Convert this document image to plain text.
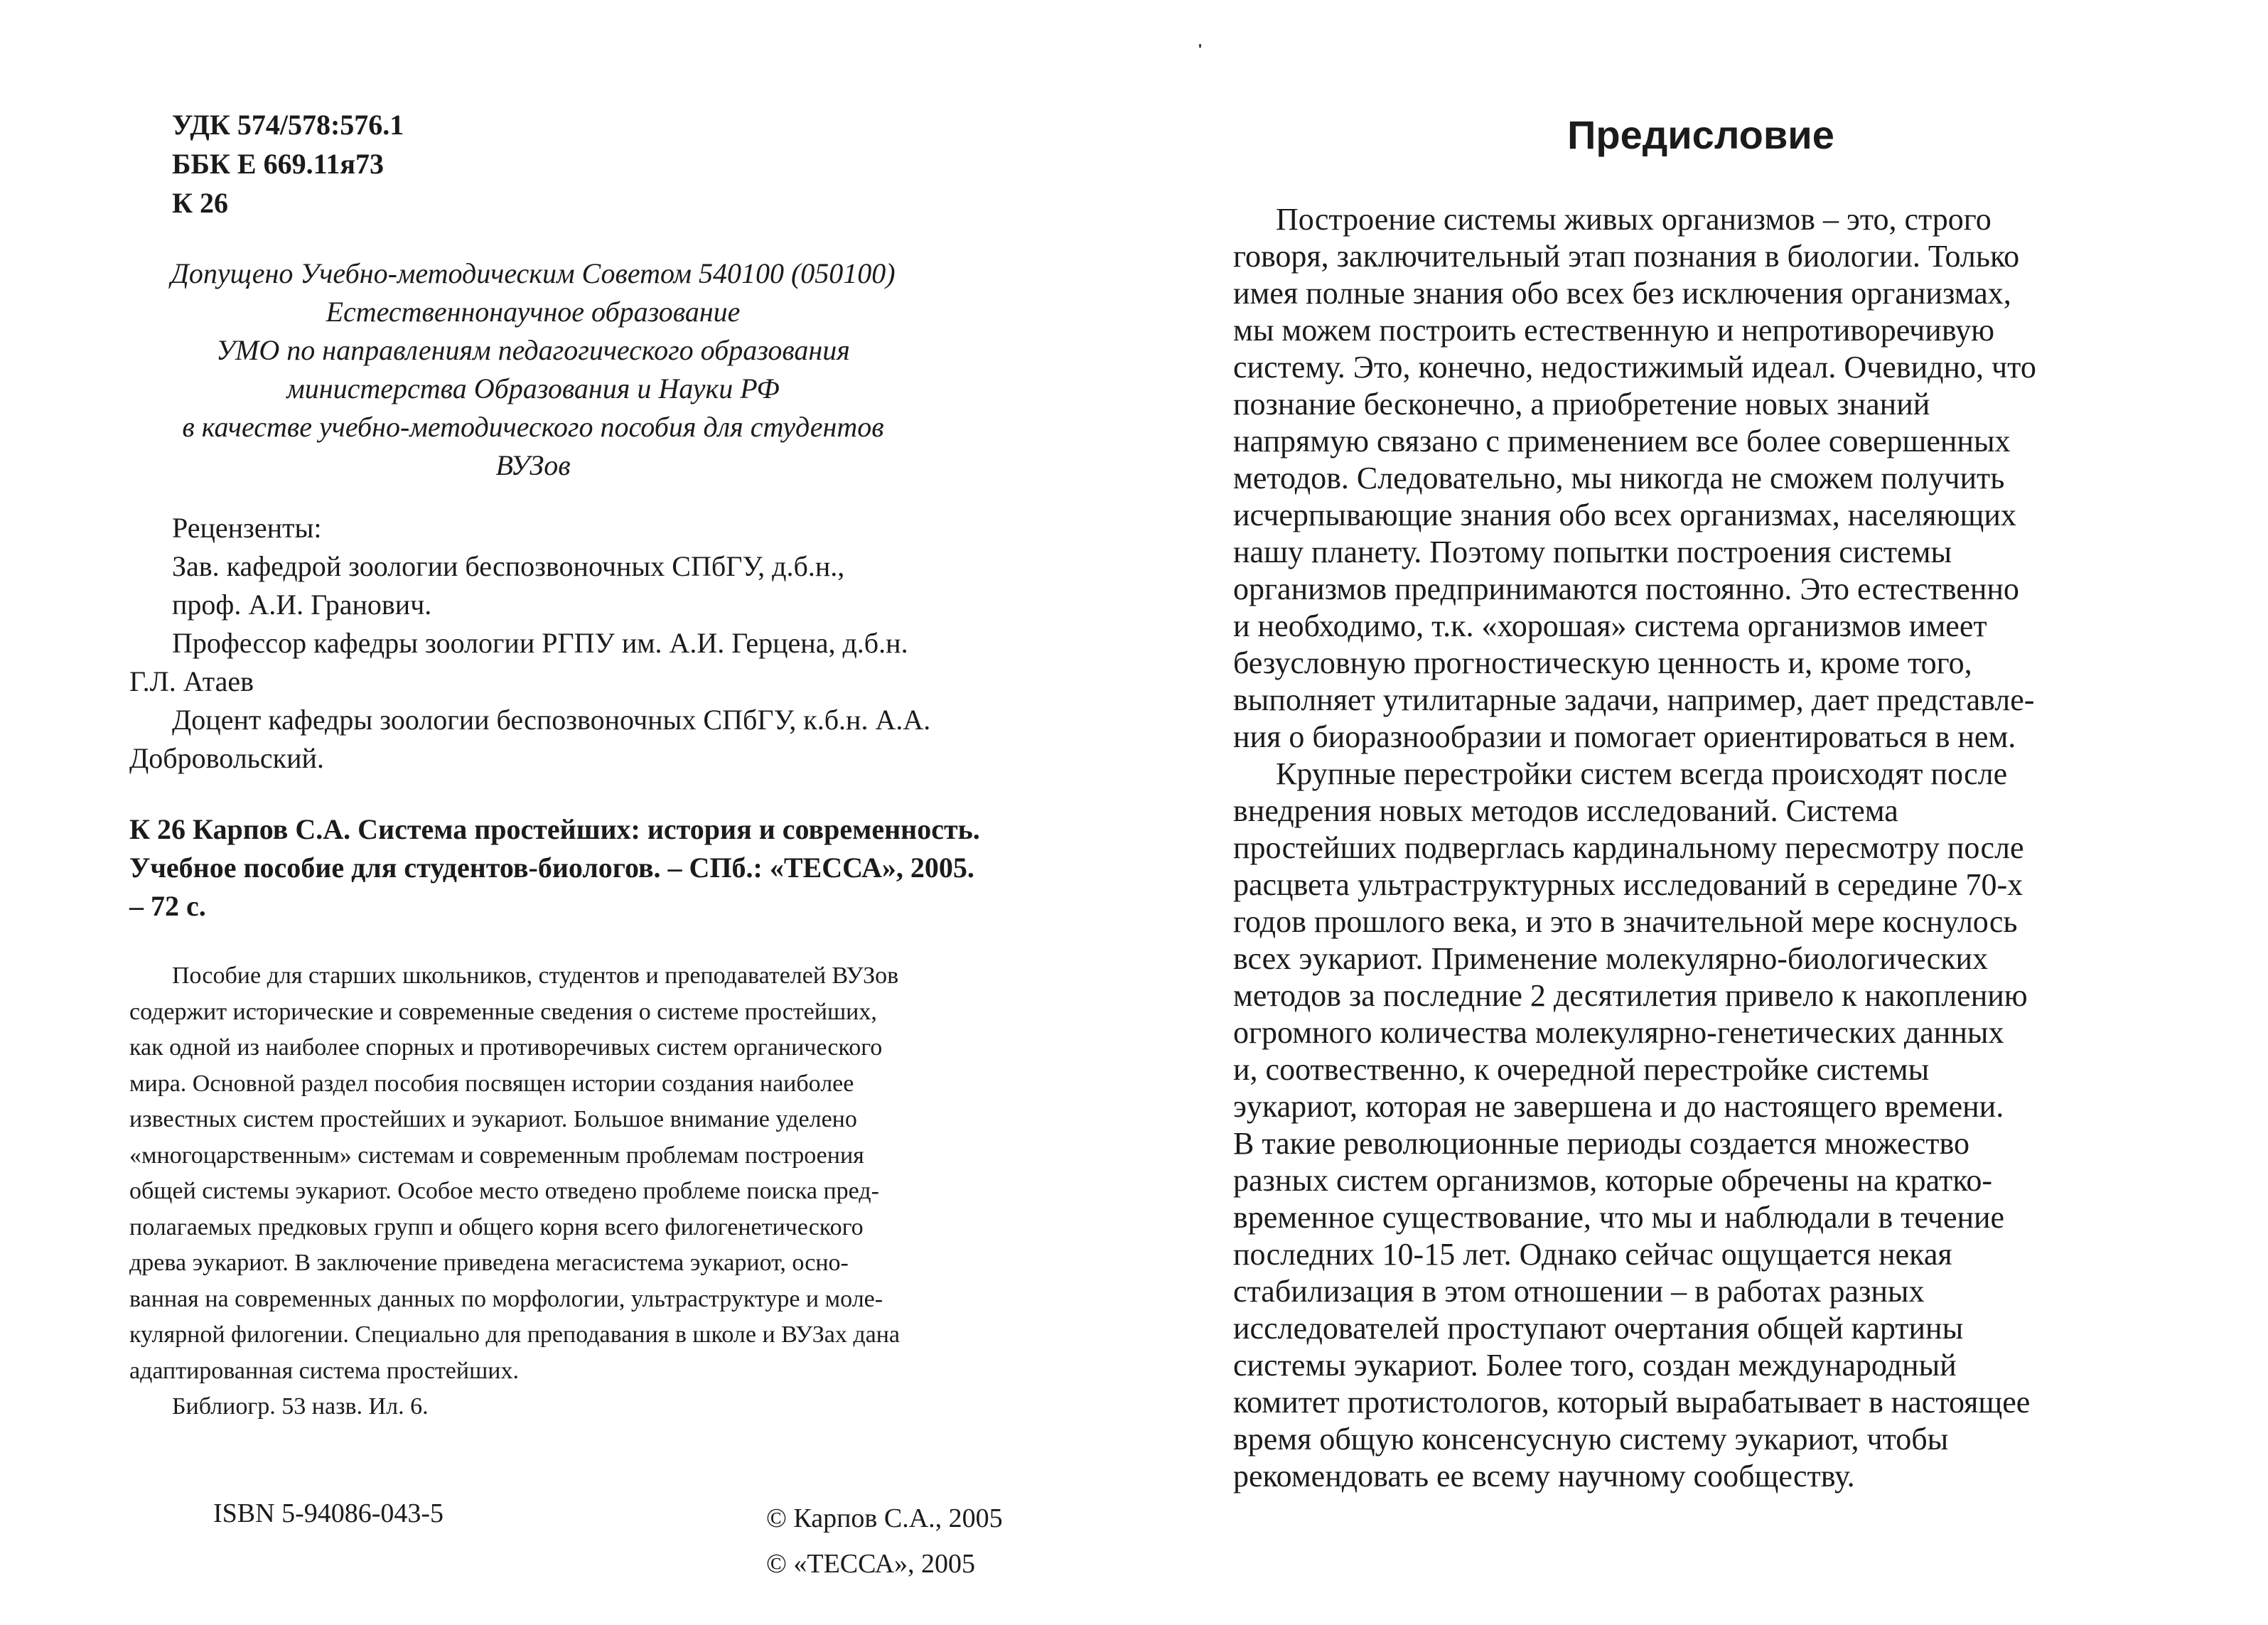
УДК 574/578:576.1
ББК Е 669.11я73
К 26
Допущено Учебно-методическим Советом 540100 (050100)
Естественнонаучное образование
УМО по направлениям педагогического образования
министерства Образования и Науки РФ
в качестве учебно-методического пособия для студентов
ВУЗов
Рецензенты:
Зав. кафедрой зоологии беспозвоночных СПбГУ, д.б.н.,
проф. А.И. Гранович.
Профессор кафедры зоологии РГПУ им. А.И. Герцена, д.б.н.
Г.Л. Атаев
Доцент кафедры зоологии беспозвоночных СПбГУ, к.б.н. А.А.
Добровольский.
К 26 Карпов С.А. Система простейших: история и современность.
Учебное пособие для студентов-биологов. – СПб.: «ТЕССА», 2005.
– 72 с.
Пособие для старших школьников, студентов и преподавателей ВУЗов
содержит исторические и современные сведения о системе простейших,
как одной из наиболее спорных и противоречивых систем органического
мира. Основной раздел пособия посвящен истории создания наиболее
известных систем простейших и эукариот. Большое внимание уделено
«многоцарственным» системам и современным проблемам построения
общей системы эукариот. Особое место отведено проблеме поиска пред-
полагаемых предковых групп и общего корня всего филогенетического
древа эукариот. В заключение приведена мегасистема эукариот, осно-
ванная на современных данных по морфологии, ультраструктуре и моле-
кулярной филогении. Специально для преподавания в школе и ВУЗах дана
адаптированная система простейших.
Библиогр. 53 назв. Ил. 6.
ISBN 5-94086-043-5	© Карпов С.А., 2005
© «ТЕССА», 2005
Предисловие
Построение системы живых организмов – это, строго
говоря, заключительный этап познания в биологии. Только
имея полные знания обо всех без исключения организмах,
мы можем построить естественную и непротиворечивую
систему. Это, конечно, недостижимый идеал. Очевидно, что
познание бесконечно, а приобретение новых знаний
напрямую связано с применением все более совершенных
методов. Следовательно, мы никогда не сможем получить
исчерпывающие знания обо всех организмах, населяющих
нашу планету. Поэтому попытки построения системы
организмов предпринимаются постоянно. Это естественно
и необходимо, т.к. «хорошая» система организмов имеет
безусловную прогностическую ценность и, кроме того,
выполняет утилитарные задачи, например, дает представле-
ния о биоразнообразии и помогает ориентироваться в нем.
Крупные перестройки систем всегда происходят после
внедрения новых методов исследований. Система
простейших подверглась кардинальному пересмотру после
расцвета ультраструктурных исследований в середине 70-х
годов прошлого века, и это в значительной мере коснулось
всех эукариот. Применение молекулярно-биологических
методов за последние 2 десятилетия привело к накоплению
огромного количества молекулярно-генетических данных
и, соотвественно, к очередной перестройке системы
эукариот, которая не завершена и до настоящего времени.
В такие революционные периоды создается множество
разных систем организмов, которые обречены на кратко-
временное существование, что мы и наблюдали в течение
последних 10-15 лет. Однако сейчас ощущается некая
стабилизация в этом отношении – в работах разных
исследователей проступают очертания общей картины
системы эукариот. Более того, создан международный
комитет протистологов, который вырабатывает в настоящее
время общую консенсусную систему эукариот, чтобы
рекомендовать ее всему научному сообществу.
